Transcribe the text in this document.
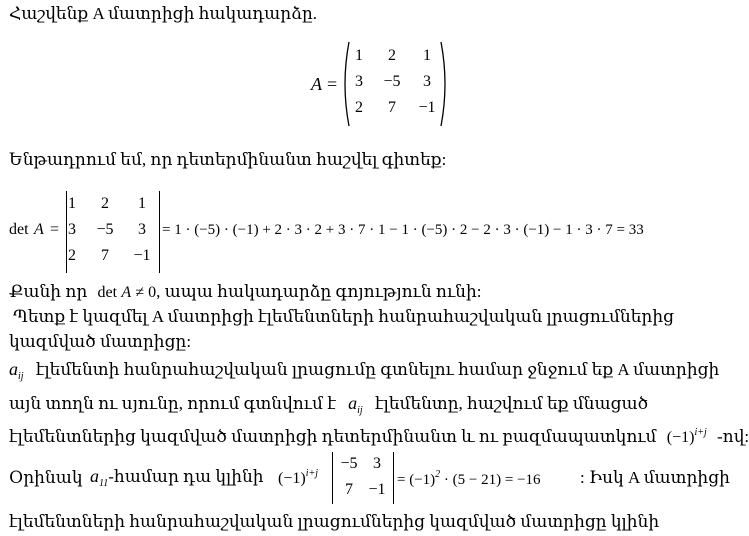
Հաշվենք A մատրիցի հակադարձը.
A =
1	2	1
3	−5	3
2	7	−1
Ենթադրում եմ, որ դետերմինանտ հաշվել գիտեք:
det A =
1	2	1
3	−5	3
2	7	−1
= 1 · (−5) · (−1) + 2 · 3 · 2 + 3 · 7 · 1 − 1 · (−5) · 2 − 2 · 3 · (−1) − 1 · 3 · 7 = 33
Քանի որ det A ≠ 0, ապա հակադարձը գոյություն ունի:
Պետք է կազմել A մատրիցի էլեմենտների հանրահաշվական լրացումներից
կազմված մատրիցը:
$a_{ij}$ էլեմենտի հանրահաշվական լրացումը գտնելու համար ջնջում եք A մատրիցի
այն տողն ու սյունը, որում գտնվում է $a_{ij}$ էլեմենտը, հաշվում եք մնացած
էլեմենտներից կազմված մատրիցի դետերմինանտ և ու բազմապատկում $(-1)^{i+j}$ -ով:
Օրինակ $a_{11}$-համար դա կլինի $(-1)^{i+j}$
−5 3
7 −1
= $(-1)^2 \cdot (5 - 21) = -16$ : Իսկ A մատրիցի
էլեմենտների հանրահաշվական լրացումներից կազմված մատրիցը կլինի
